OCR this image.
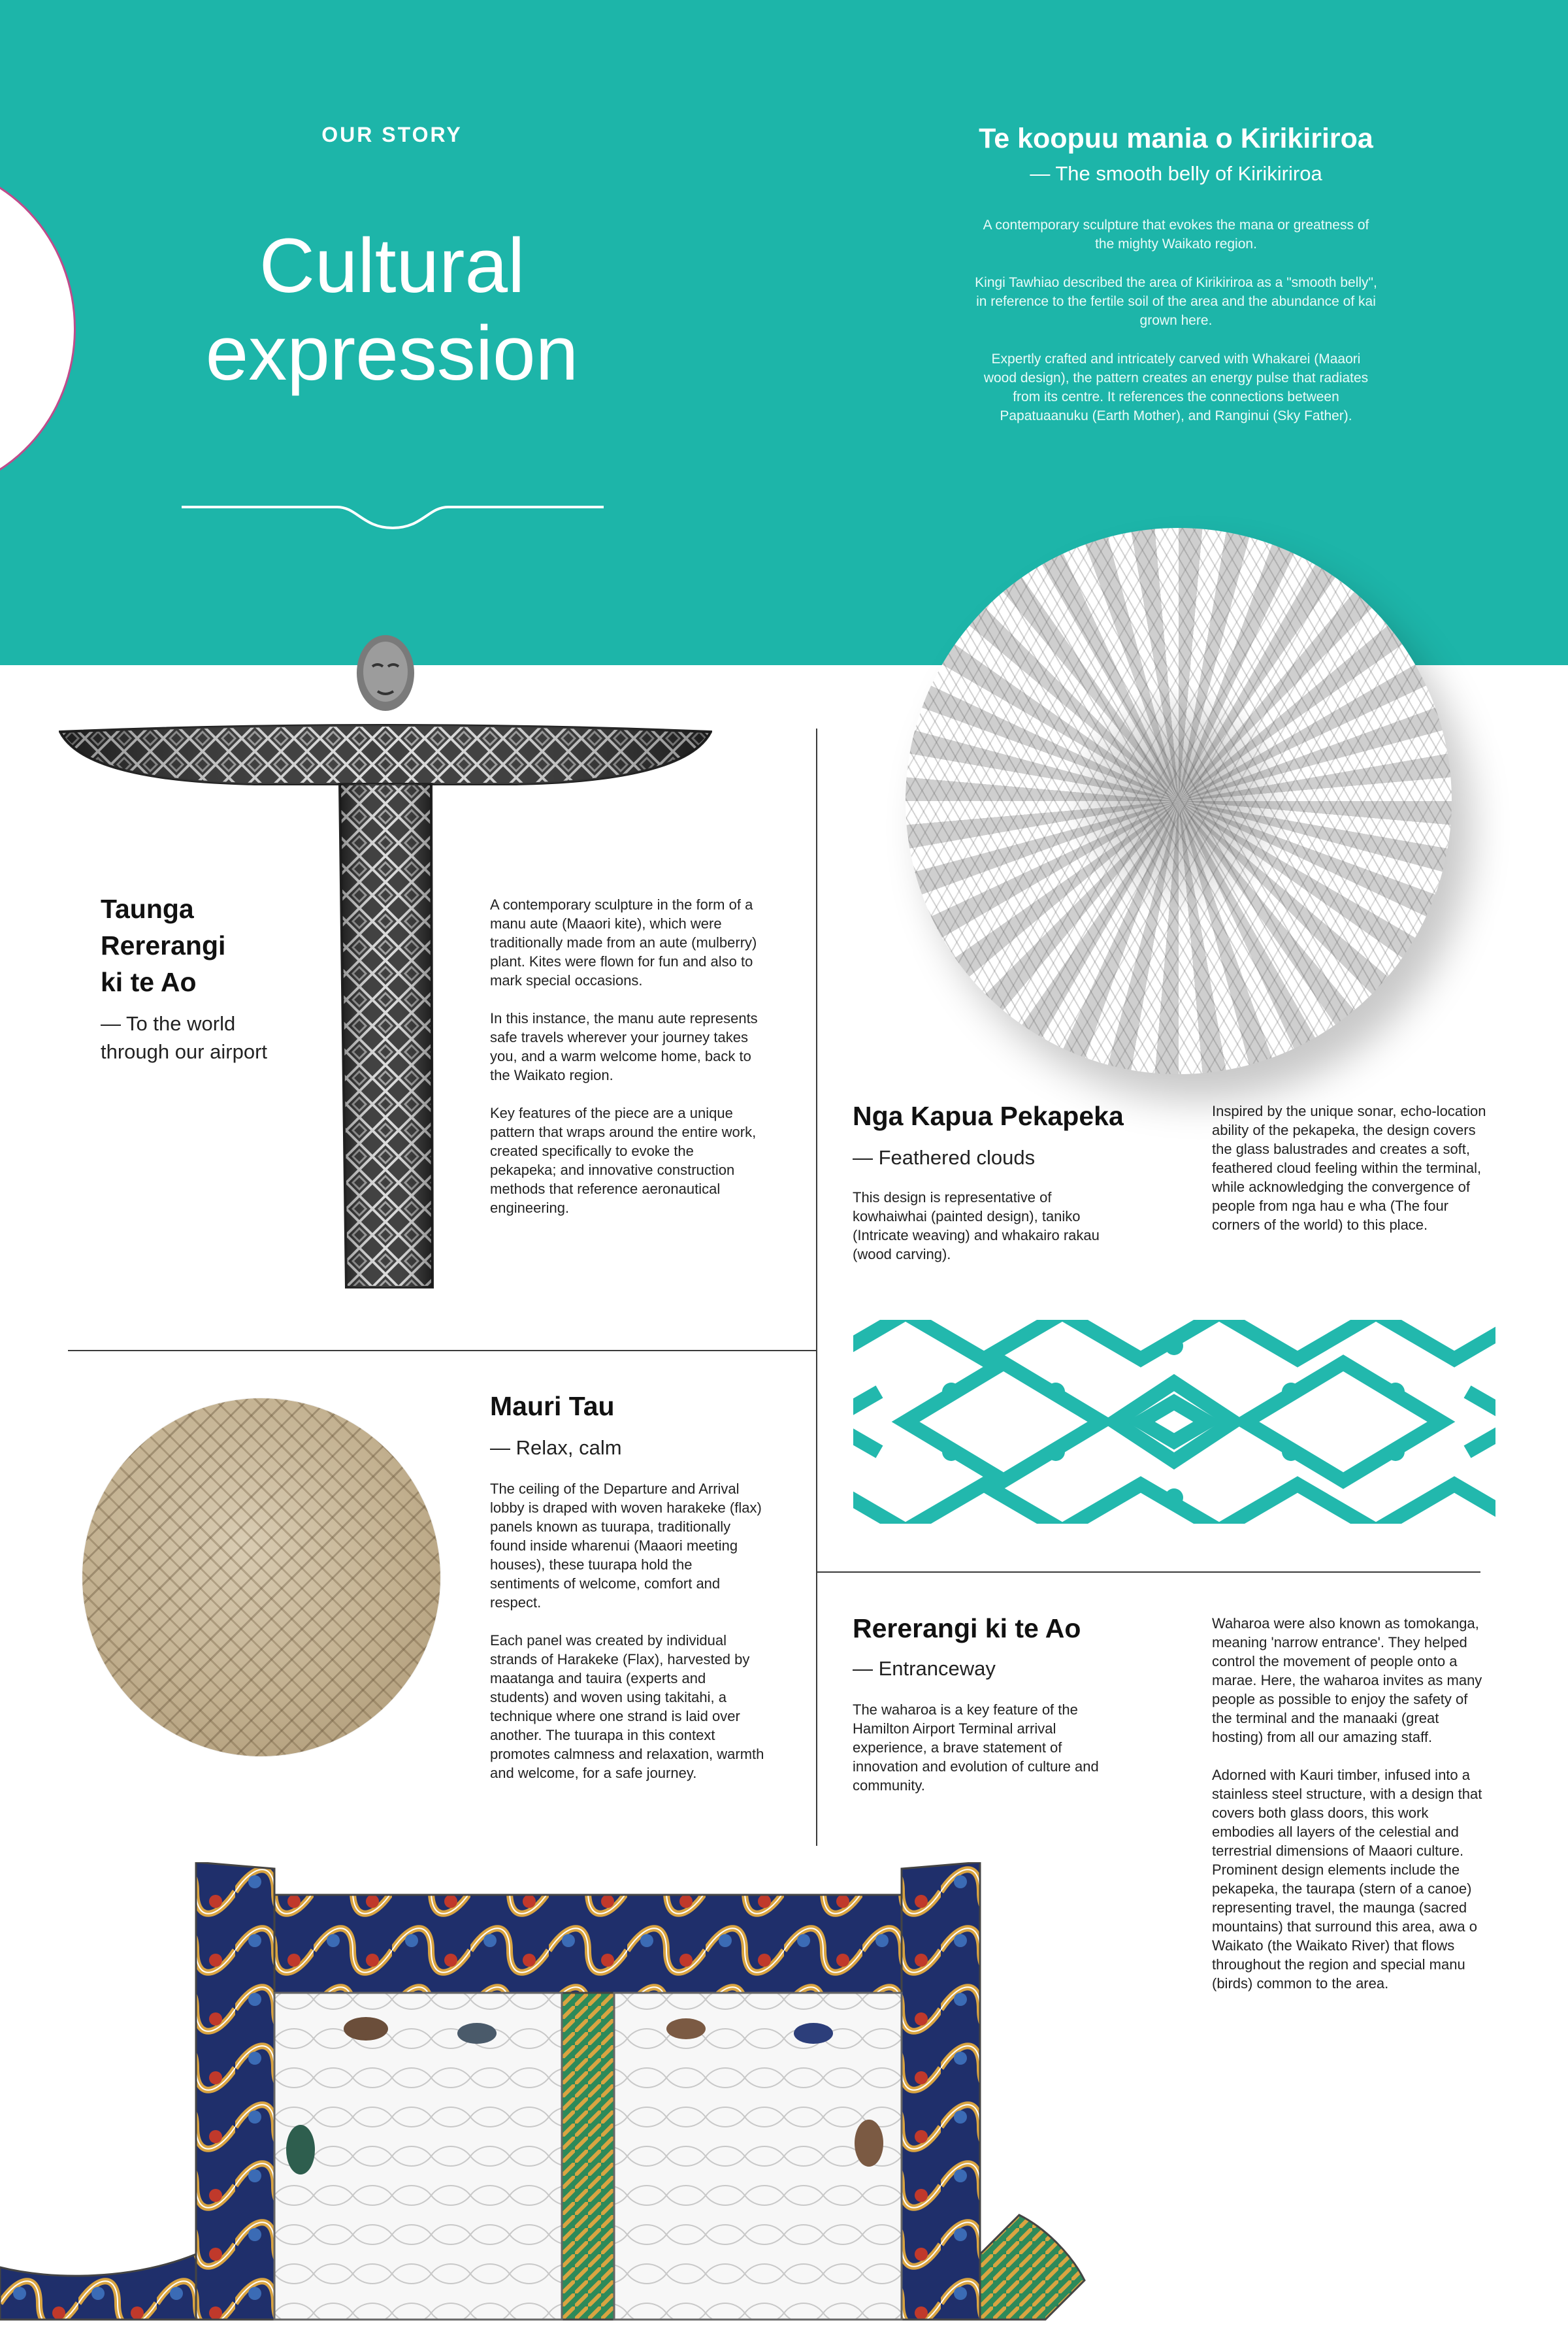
OUR STORY
Cultural
expression
Te koopuu mania o Kirikiriroa
— The smooth belly of Kirikiriroa

A contemporary sculpture that evokes the mana or greatness of the mighty Waikato region.

Kingi Tawhiao described the area of Kirikiriroa as a "smooth belly", in reference to the fertile soil of the area and the abundance of kai grown here.

Expertly crafted and intricately carved with Whakarei (Maaori wood design), the pattern creates an energy pulse that radiates from its centre. It references the connections between Papatuaanuku (Earth Mother), and Ranginui (Sky Father).

Taunga
Rererangi
ki te Ao
— To the world
through our airport

A contemporary sculpture in the form of a manu aute (Maaori kite), which were traditionally made from an aute (mulberry) plant. Kites were flown for fun and also to mark special occasions.

In this instance, the manu aute represents safe travels wherever your journey takes you, and a warm welcome home, back to the Waikato region.

Key features of the piece are a unique pattern that wraps around the entire work, created specifically to evoke the pekapeka; and innovative construction methods that reference aeronautical engineering.

Nga Kapua Pekapeka
— Feathered clouds
This design is representative of kowhaiwhai (painted design), taniko (Intricate weaving) and whakairo rakau (wood carving).
Inspired by the unique sonar, echo-location ability of the pekapeka, the design covers the glass balustrades and creates a soft, feathered cloud feeling within the terminal, while acknowledging the convergence of people from nga hau e wha (The four corners of the world) to this place.
Mauri Tau
— Relax, calm

The ceiling of the Departure and Arrival lobby is draped with woven harakeke (flax) panels known as tuurapa, traditionally found inside wharenui (Maaori meeting houses), these tuurapa hold the sentiments of welcome, comfort and respect.

Each panel was created by individual strands of Harakeke (Flax), harvested by maatanga and tauira (experts and students) and woven using takitahi, a technique where one strand is laid over another. The tuurapa in this context promotes calmness and relaxation, warmth and welcome, for a safe journey.

Rererangi ki te Ao
— Entranceway
The waharoa is a key feature of the Hamilton Airport Terminal arrival experience, a brave statement of innovation and evolution of culture and community.

Waharoa were also known as tomokanga, meaning 'narrow entrance'. They helped control the movement of people onto a marae. Here, the waharoa invites as many people as possible to enjoy the safety of the terminal and the manaaki (great hosting) from all our amazing staff.

Adorned with Kauri timber, infused into a stainless steel structure, with a design that covers both glass doors, this work embodies all layers of the celestial and terrestrial dimensions of Maaori culture. Prominent design elements include the pekapeka, the taurapa (stern of a canoe) representing travel, the maunga (sacred mountains) that surround this area, awa o Waikato (the Waikato River) that flows throughout the region and special manu (birds) common to the area.
